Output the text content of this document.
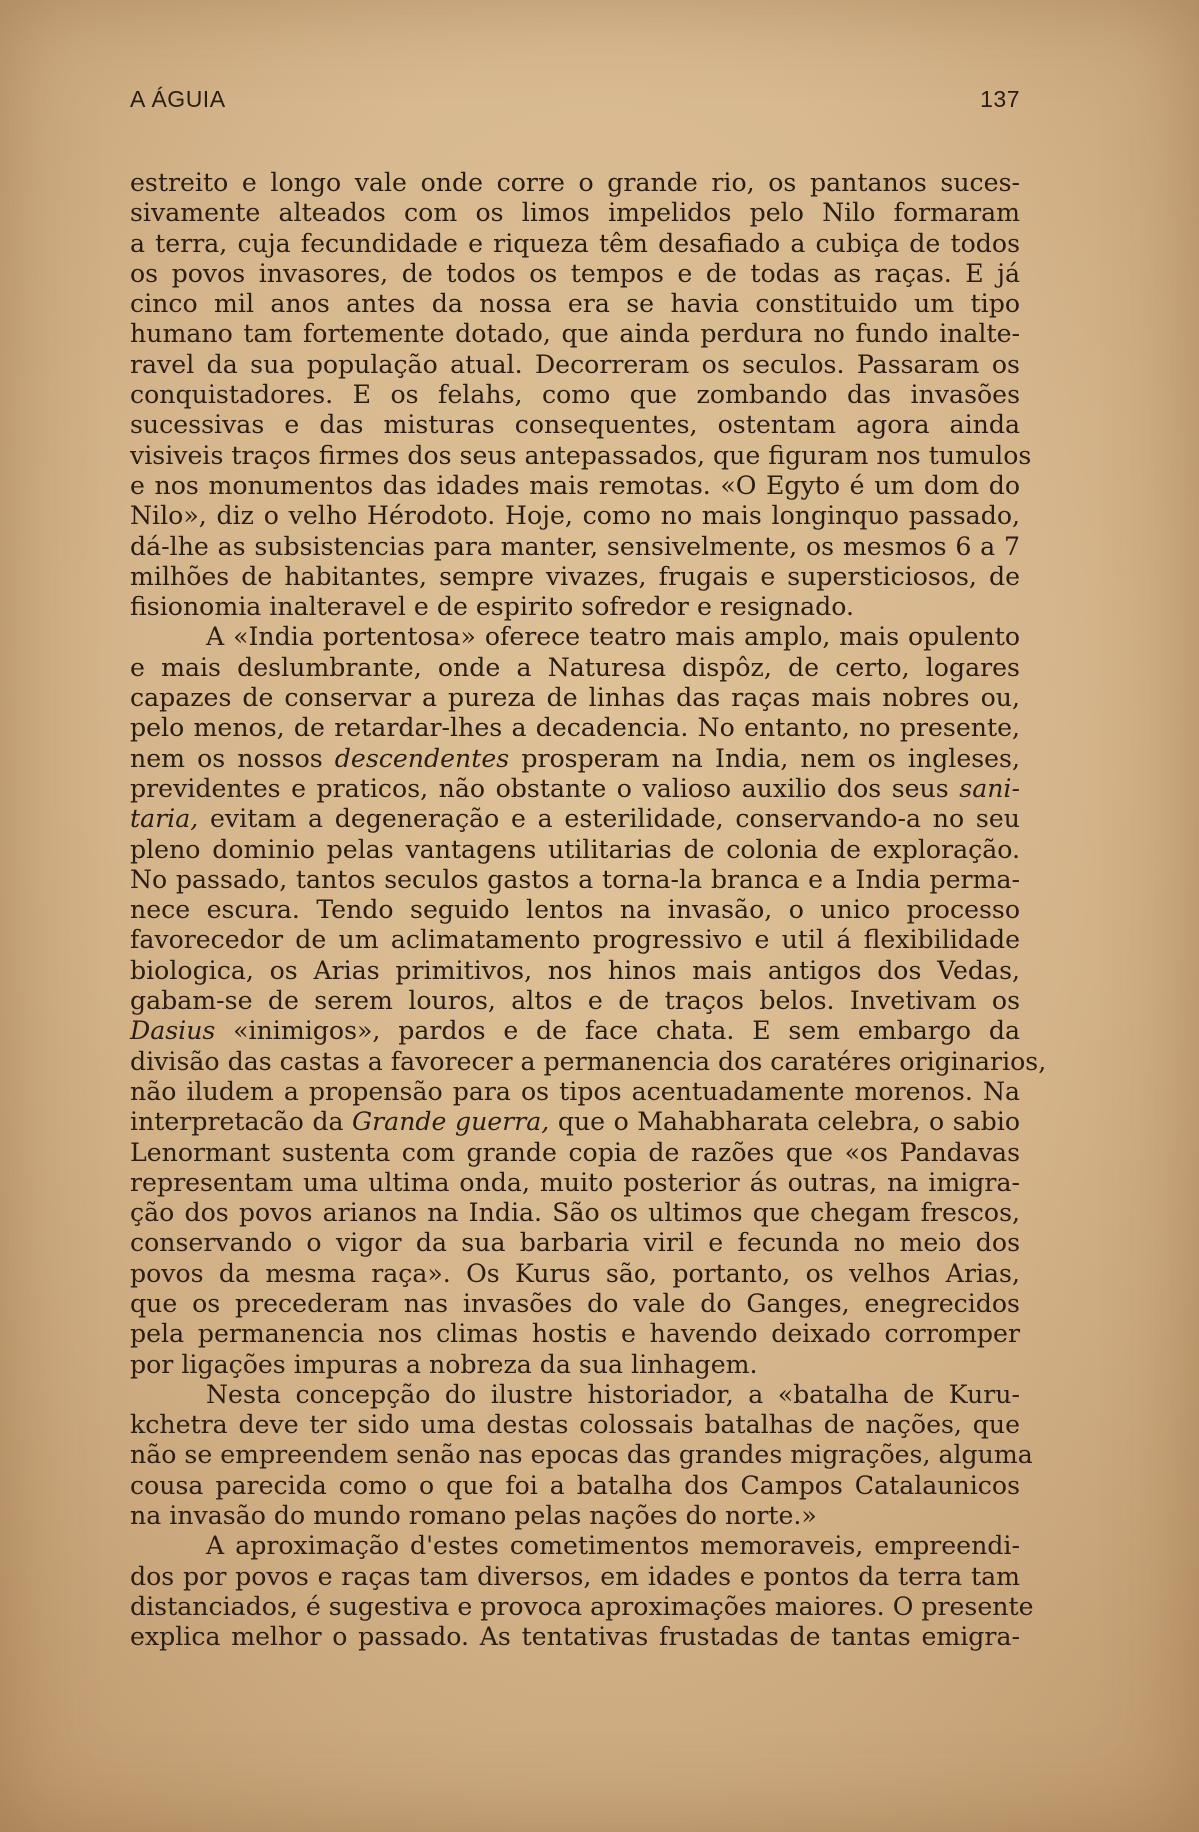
A ÁGUIA	137
estreito e longo vale onde corre o grande rio, os pantanos suces-
sivamente alteados com os limos impelidos pelo Nilo formaram
a terra, cuja fecundidade e riqueza têm desafiado a cubiça de todos
os povos invasores, de todos os tempos e de todas as raças. E já
cinco mil anos antes da nossa era se havia constituido um tipo
humano tam fortemente dotado, que ainda perdura no fundo inalte-
ravel da sua população atual. Decorreram os seculos. Passaram os
conquistadores. E os felahs, como que zombando das invasões
sucessivas e das misturas consequentes, ostentam agora ainda
visiveis traços firmes dos seus antepassados, que figuram nos tumulos
e nos monumentos das idades mais remotas. «O Egyto é um dom do
Nilo», diz o velho Hérodoto. Hoje, como no mais longinquo passado,
dá-lhe as subsistencias para manter, sensivelmente, os mesmos 6 a 7
milhões de habitantes, sempre vivazes, frugais e supersticiosos, de
fisionomia inalteravel e de espirito sofredor e resignado.
A «India portentosa» oferece teatro mais amplo, mais opulento
e mais deslumbrante, onde a Naturesa dispôz, de certo, logares
capazes de conservar a pureza de linhas das raças mais nobres ou,
pelo menos, de retardar-lhes a decadencia. No entanto, no presente,
nem os nossos descendentes prosperam na India, nem os ingleses,
previdentes e praticos, não obstante o valioso auxilio dos seus sani-
taria, evitam a degeneração e a esterilidade, conservando-a no seu
pleno dominio pelas vantagens utilitarias de colonia de exploração.
No passado, tantos seculos gastos a torna-la branca e a India perma-
nece escura. Tendo seguido lentos na invasão, o unico processo
favorecedor de um aclimatamento progressivo e util á flexibilidade
biologica, os Arias primitivos, nos hinos mais antigos dos Vedas,
gabam-se de serem louros, altos e de traços belos. Invetivam os
Dasius «inimigos», pardos e de face chata. E sem embargo da
divisão das castas a favorecer a permanencia dos caratéres originarios,
não iludem a propensão para os tipos acentuadamente morenos. Na
interpretacão da Grande guerra, que o Mahabharata celebra, o sabio
Lenormant sustenta com grande copia de razões que «os Pandavas
representam uma ultima onda, muito posterior ás outras, na imigra-
ção dos povos arianos na India. São os ultimos que chegam frescos,
conservando o vigor da sua barbaria viril e fecunda no meio dos
povos da mesma raça». Os Kurus são, portanto, os velhos Arias,
que os precederam nas invasões do vale do Ganges, enegrecidos
pela permanencia nos climas hostis e havendo deixado corromper
por ligações impuras a nobreza da sua linhagem.
Nesta concepção do ilustre historiador, a «batalha de Kuru-
kchetra deve ter sido uma destas colossais batalhas de nações, que
não se empreendem senão nas epocas das grandes migrações, alguma
cousa parecida como o que foi a batalha dos Campos Catalaunicos
na invasão do mundo romano pelas nações do norte.»
A aproximação d'estes cometimentos memoraveis, empreendi-
dos por povos e raças tam diversos, em idades e pontos da terra tam
distanciados, é sugestiva e provoca aproximações maiores. O presente
explica melhor o passado. As tentativas frustadas de tantas emigra-
